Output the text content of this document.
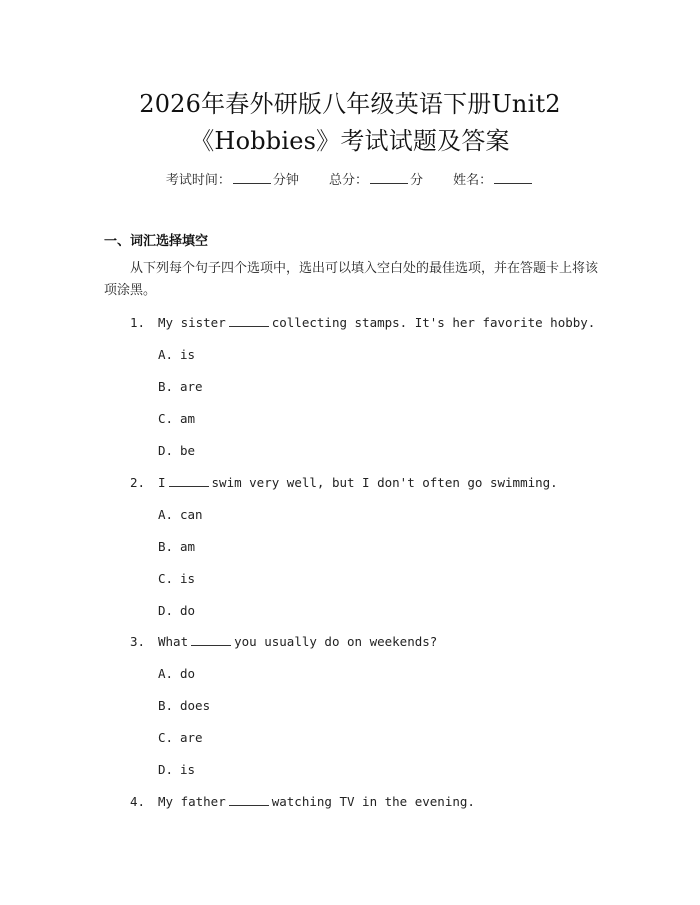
2026年春外研版八年级英语下册Unit2
《Hobbies》考试试题及答案
考试时间：	分钟 总分：	分 姓名：
一、词汇选择填空
从下列每个句子四个选项中，选出可以填入空白处的最佳选项，并在答题卡上将该项涂黑。
1. My sister	collecting stamps. It's her favorite hobby.
A. is
B. are
C. am
D. be
2. I	swim very well, but I don't often go swimming.
A. can
B. am
C. is
D. do
3. What	you usually do on weekends?
A. do
B. does
C. are
D. is
4. My father	watching TV in the evening.
